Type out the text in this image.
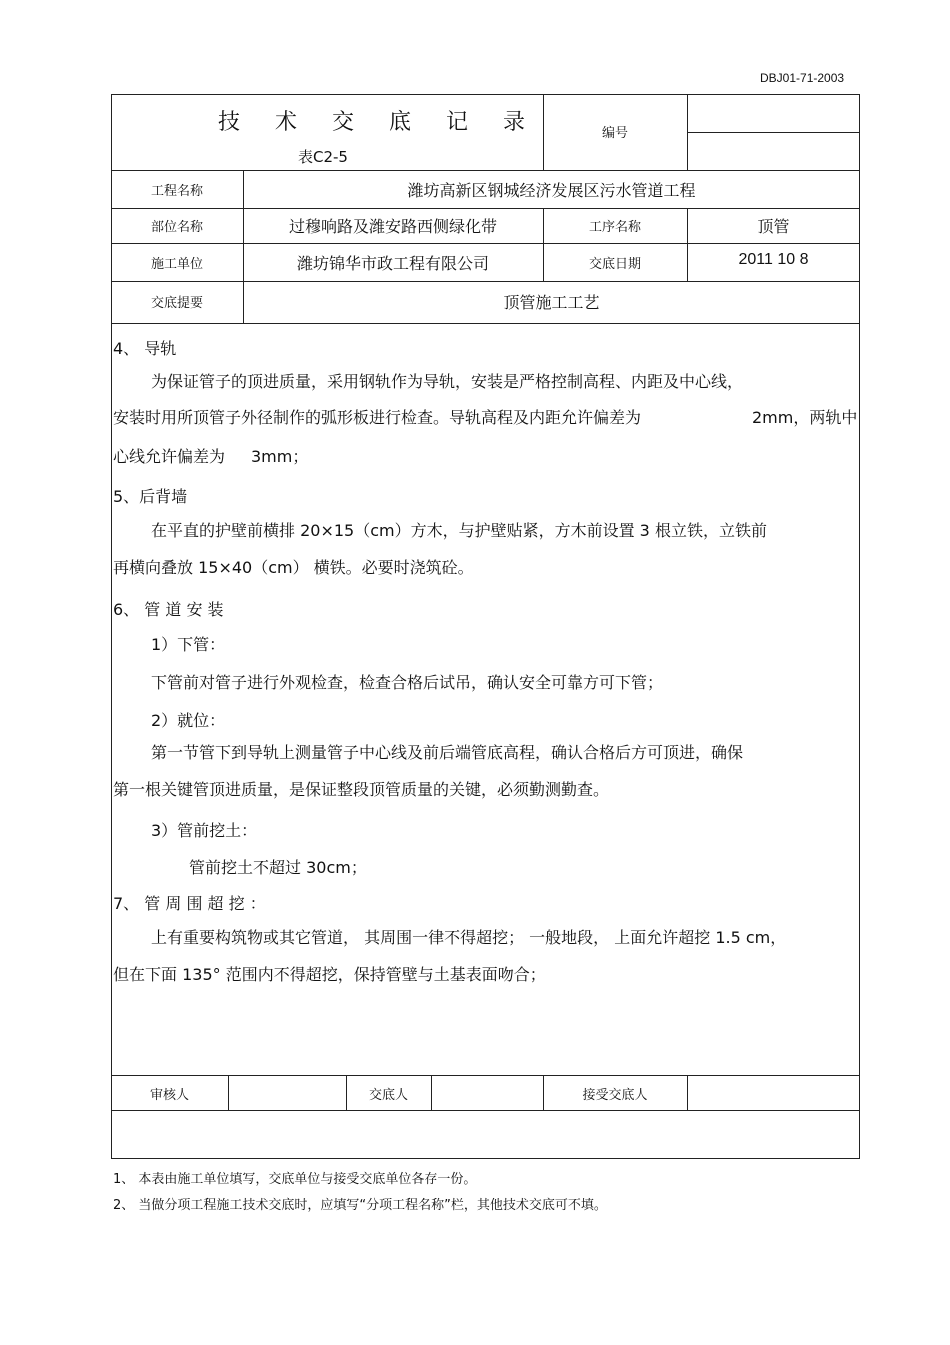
DBJ01-71-2003
技 术 交 底 记 录
表C2-5
编号
工程名称	潍坊高新区钢城经济发展区污水管道工程
部位名称	过穆响路及潍安路西侧绿化带	工序名称	顶管
施工单位	潍坊锦华市政工程有限公司	交底日期	2011 10 8
交底提要	顶管施工工艺
4、 导轨
为保证管子的顶进质量，采用钢轨作为导轨，安装是严格控制高程、内距及中心线，
安装时用所顶管子外径制作的弧形板进行检查。导轨高程及内距允许偏差为	2mm，两轨中
心线允许偏差为 3mm；
5、后背墙
在平直的护壁前横排 20×15（cm）方木，与护壁贴紧，方木前设置 3 根立铁，立铁前
再横向叠放 15×40（cm） 横铁。必要时浇筑砼。
6、 管 道 安 装
1）下管：
下管前对管子进行外观检查，检查合格后试吊，确认安全可靠方可下管；
2）就位：
第一节管下到导轨上测量管子中心线及前后端管底高程，确认合格后方可顶进，确保
第一根关键管顶进质量，是保证整段顶管质量的关键，必须勤测勤查。
3）管前挖土：
管前挖土不超过 30cm；
7、 管 周 围 超 挖 ：
上有重要构筑物或其它管道， 其周围一律不得超挖； 一般地段， 上面允许超挖 1.5 cm，
但在下面 135° 范围内不得超挖，保持管壁与土基表面吻合；
审核人	交底人	接受交底人
1、 本表由施工单位填写，交底单位与接受交底单位各存一份。
2、 当做分项工程施工技术交底时，应填写“分项工程名称”栏，其他技术交底可不填。
